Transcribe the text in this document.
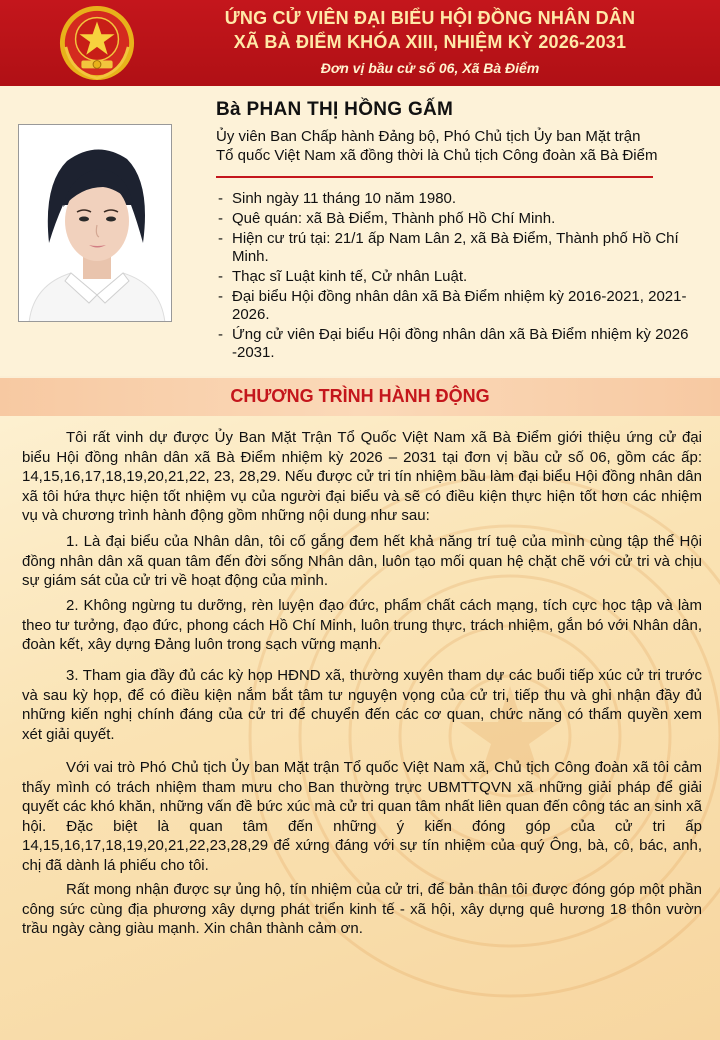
ỨNG CỬ VIÊN ĐẠI BIỂU HỘI ĐỒNG NHÂN DÂN
XÃ BÀ ĐIỂM KHÓA XIII, NHIỆM KỲ 2026-2031
Đơn vị bầu cử số 06, Xã Bà Điểm
Bà PHAN THỊ HỒNG GẤM
Ủy viên Ban Chấp hành Đảng bộ, Phó Chủ tịch Ủy ban Mặt trận
Tổ quốc Việt Nam xã đồng thời là Chủ tịch Công đoàn xã Bà Điểm
- Sinh ngày 11 tháng 10 năm 1980.
- Quê quán: xã Bà Điểm, Thành phố Hồ Chí Minh.
- Hiện cư trú tại: 21/1 ấp Nam Lân 2, xã Bà Điểm, Thành phố Hồ Chí Minh.
- Thạc sĩ Luật kinh tế, Cử nhân Luật.
- Đại biểu Hội đồng nhân dân xã Bà Điểm nhiệm kỳ 2016-2021, 2021-2026.
- Ứng cử viên Đại biểu Hội đồng nhân dân xã Bà Điểm nhiệm kỳ 2026 -2031.
CHƯƠNG TRÌNH HÀNH ĐỘNG
Tôi rất vinh dự được Ủy Ban Mặt Trận Tổ Quốc Việt Nam xã Bà Điểm giới thiệu ứng cử đại biểu Hội đồng nhân dân xã Bà Điểm nhiệm kỳ 2026 – 2031 tại đơn vị bầu cử số 06, gồm các ấp: 14,15,16,17,18,19,20,21,22, 23, 28,29. Nếu được cử tri tín nhiệm bầu làm đại biểu Hội đồng nhân dân xã tôi hứa thực hiện tốt nhiệm vụ của người đại biểu và sẽ có điều kiện thực hiện tốt hơn các nhiệm vụ và chương trình hành động gồm những nội dung như sau:
1. Là đại biểu của Nhân dân, tôi cố gắng đem hết khả năng trí tuệ của mình cùng tập thể Hội đồng nhân dân xã quan tâm đến đời sống Nhân dân, luôn tạo mối quan hệ chặt chẽ với cử tri và chịu sự giám sát của cử tri về hoạt động của mình.
2. Không ngừng tu dưỡng, rèn luyện đạo đức, phẩm chất cách mạng, tích cực học tập và làm theo tư tưởng, đạo đức, phong cách Hồ Chí Minh, luôn trung thực, trách nhiệm, gắn bó với Nhân dân, đoàn kết, xây dựng Đảng luôn trong sạch vững mạnh.
3. Tham gia đầy đủ các kỳ họp HĐND xã, thường xuyên tham dự các buổi tiếp xúc cử tri trước và sau kỳ họp, để có điều kiện nắm bắt tâm tư nguyện vọng của cử tri, tiếp thu và ghi nhận đầy đủ những kiến nghị chính đáng của cử tri để chuyển đến các cơ quan, chức năng có thẩm quyền xem xét giải quyết.
Với vai trò Phó Chủ tịch Ủy ban Mặt trận Tổ quốc Việt Nam xã, Chủ tịch Công đoàn xã tôi cảm thấy mình có trách nhiệm tham mưu cho Ban thường trực UBMTTQVN xã những giải pháp để giải quyết các khó khăn, những vấn đề bức xúc mà cử tri quan tâm nhất liên quan đến công tác an sinh xã hội. Đặc biệt là quan tâm đến những ý kiến đóng góp của cử tri ấp 14,15,16,17,18,19,20,21,22,23,28,29 để xứng đáng với sự tín nhiệm của quý Ông, bà, cô, bác, anh, chị đã dành lá phiếu cho tôi.
Rất mong nhận được sự ủng hộ, tín nhiệm của cử tri, để bản thân tôi được đóng góp một phần công sức cùng địa phương xây dựng phát triển kinh tế - xã hội, xây dựng quê hương 18 thôn vườn trầu ngày càng giàu mạnh. Xin chân thành cảm ơn.
